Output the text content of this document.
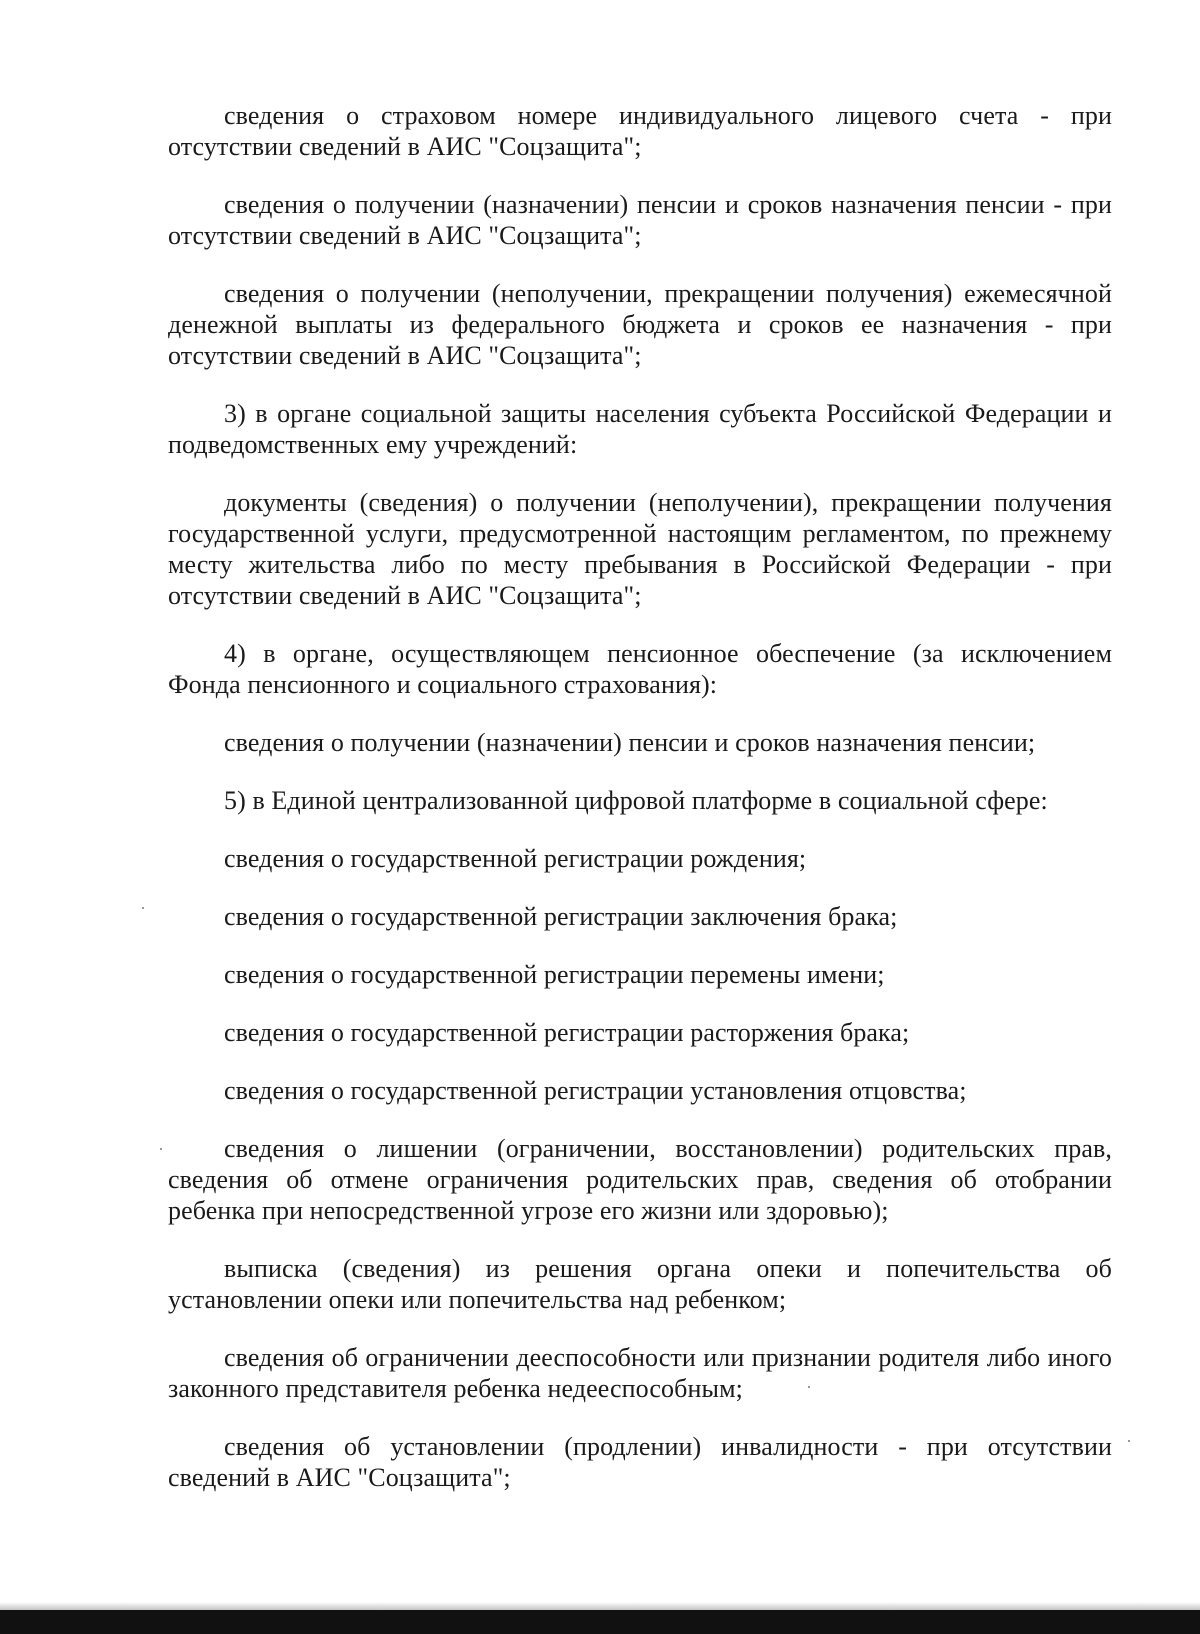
сведения о страховом номере индивидуального лицевого счета - при отсутствии сведений в АИС "Соцзащита";

сведения о получении (назначении) пенсии и сроков назначения пенсии - при отсутствии сведений в АИС "Соцзащита";

сведения о получении (неполучении, прекращении получения) ежемесячной денежной выплаты из федерального бюджета и сроков ее назначения - при отсутствии сведений в АИС "Соцзащита";

3) в органе социальной защиты населения субъекта Российской Федерации и подведомственных ему учреждений:

документы (сведения) о получении (неполучении), прекращении получения государственной услуги, предусмотренной настоящим регламентом, по прежнему месту жительства либо по месту пребывания в Российской Федерации - при отсутствии сведений в АИС "Соцзащита";

4) в органе, осуществляющем пенсионное обеспечение (за исключением Фонда пенсионного и социального страхования):

сведения о получении (назначении) пенсии и сроков назначения пенсии;

5) в Единой централизованной цифровой платформе в социальной сфере:

сведения о государственной регистрации рождения;

сведения о государственной регистрации заключения брака;

сведения о государственной регистрации перемены имени;

сведения о государственной регистрации расторжения брака;

сведения о государственной регистрации установления отцовства;

сведения о лишении (ограничении, восстановлении) родительских прав, сведения об отмене ограничения родительских прав, сведения об отобрании ребенка при непосредственной угрозе его жизни или здоровью);

выписка (сведения) из решения органа опеки и попечительства об установлении опеки или попечительства над ребенком;

сведения об ограничении дееспособности или признании родителя либо иного законного представителя ребенка недееспособным;

сведения об установлении (продлении) инвалидности - при отсутствии сведений в АИС "Соцзащита";
